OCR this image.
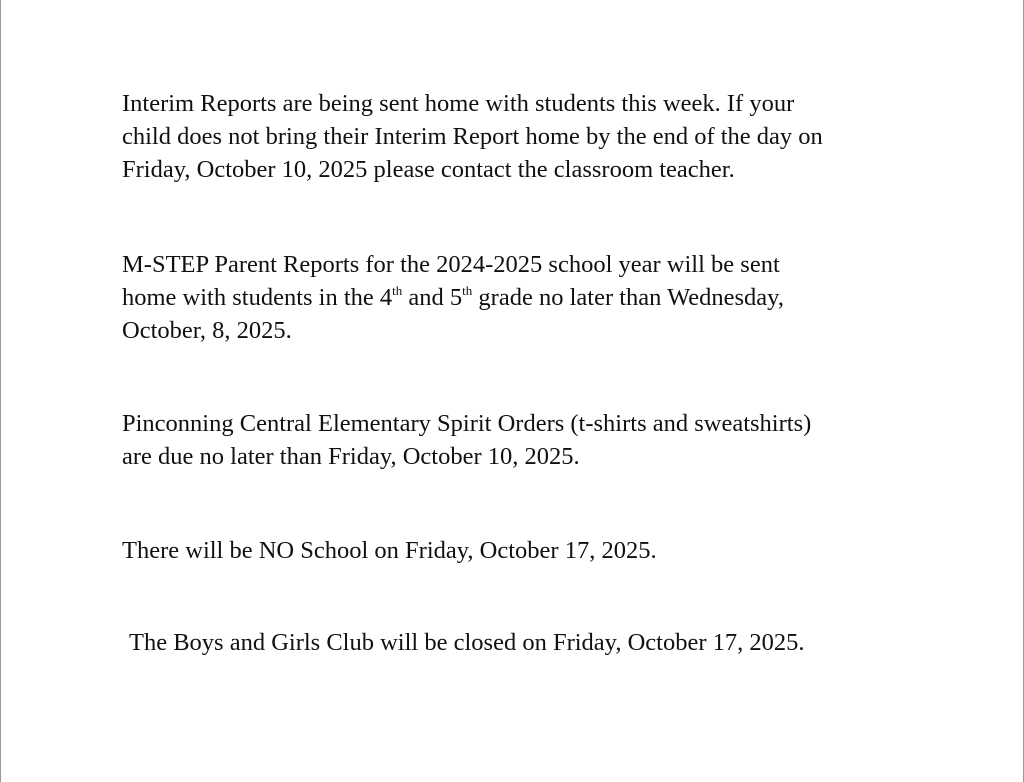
Interim Reports are being sent home with students this week. If your
child does not bring their Interim Report home by the end of the day on
Friday, October 10, 2025 please contact the classroom teacher.

M-STEP Parent Reports for the 2024-2025 school year will be sent
home with students in the 4th and 5th grade no later than Wednesday,
October, 8, 2025.

Pinconning Central Elementary Spirit Orders (t-shirts and sweatshirts)
are due no later than Friday, October 10, 2025.

There will be NO School on Friday, October 17, 2025.

The Boys and Girls Club will be closed on Friday, October 17, 2025.
